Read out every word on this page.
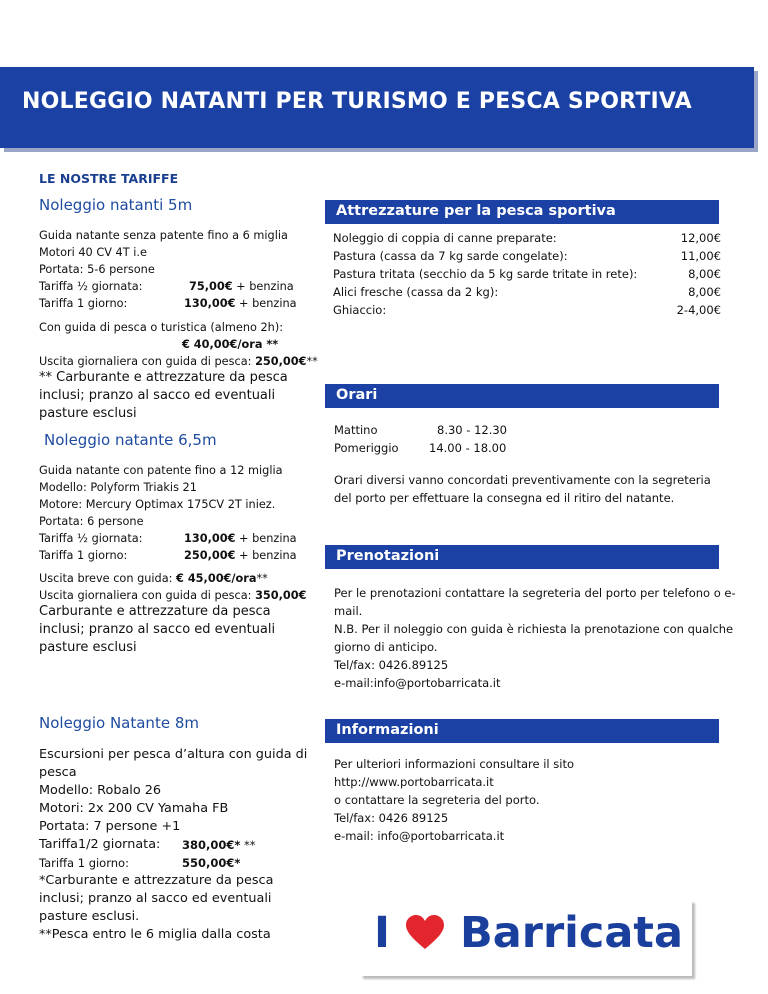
NOLEGGIO NATANTI PER TURISMO E PESCA SPORTIVA
LE NOSTRE TARIFFE
Noleggio natanti 5m
Guida natante senza patente fino a 6 miglia
Motori 40 CV 4T i.e
Portata: 5-6 persone
Tariffa ½ giornata:	75,00€ + benzina
Tariffa 1 giorno:	130,00€ + benzina
Con guida di pesca o turistica (almeno 2h):
€ 40,00€/ora **
Uscita giornaliera con guida di pesca: 250,00€**
** Carburante e attrezzature da pesca inclusi; pranzo al sacco ed eventuali pasture esclusi
Noleggio natante 6,5m
Guida natante con patente fino a 12 miglia
Modello: Polyform Triakis 21
Motore: Mercury Optimax 175CV 2T iniez.
Portata: 6 persone
Tariffa ½ giornata:	130,00€ + benzina
Tariffa 1 giorno:	250,00€ + benzina
Uscita breve con guida: € 45,00€/ora**
Uscita giornaliera con guida di pesca: 350,00€
Carburante e attrezzature da pesca inclusi; pranzo al sacco ed eventuali pasture esclusi
Noleggio Natante 8m
Escursioni per pesca d’altura con guida di pesca
Modello: Robalo 26
Motori: 2x 200 CV Yamaha FB
Portata: 7 persone +1
Tariffa1/2 giornata:	380,00€* **
Tariffa 1 giorno:	550,00€*
*Carburante e attrezzature da pesca inclusi; pranzo al sacco ed eventuali pasture esclusi.
**Pesca entro le 6 miglia dalla costa
Attrezzature per la pesca sportiva
Noleggio di coppia di canne preparate:	12,00€
Pastura (cassa da 7 kg sarde congelate):	11,00€
Pastura tritata (secchio da 5 kg sarde tritate in rete):	8,00€
Alici fresche (cassa da 2 kg):	8,00€
Ghiaccio:	2-4,00€
Orari
Mattino	8.30 - 12.30
Pomeriggio	14.00 - 18.00
Orari diversi vanno concordati preventivamente con la segreteria del porto per effettuare la consegna ed il ritiro del natante.
Prenotazioni
Per le prenotazioni contattare la segreteria del porto per telefono o e-mail.
N.B. Per il noleggio con guida è richiesta la prenotazione con qualche giorno di anticipo.
Tel/fax: 0426.89125
e-mail:info@portobarricata.it
Informazioni
Per ulteriori informazioni consultare il sito
http://www.portobarricata.it
o contattare la segreteria del porto.
Tel/fax: 0426 89125
e-mail: info@portobarricata.it
I Barricata
